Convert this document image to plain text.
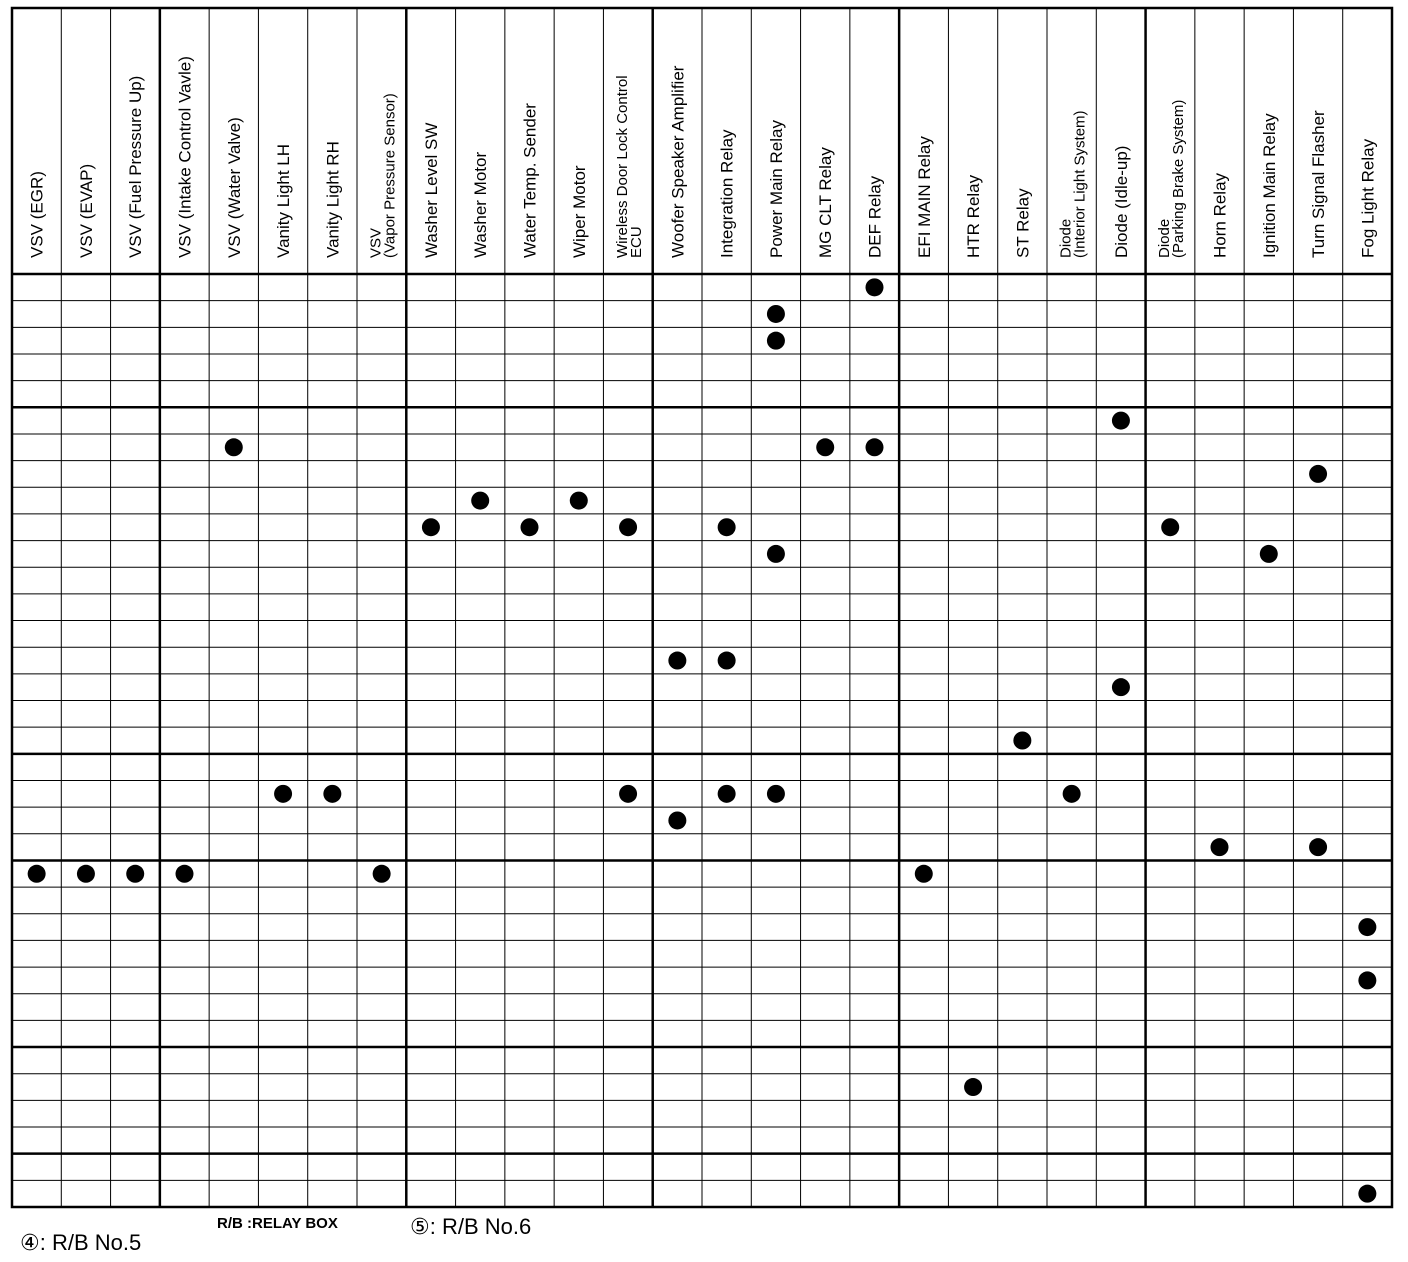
VSV (EGR) VSV (EVAP) VSV (Fuel Pressure Up) VSV (Intake Control Vavle) VSV (Water Valve) Vanity Light LH Vanity Light RH VSV(Vapor Pressure Sensor) Washer Level SW Washer Motor Water Temp. Sender Wiper Motor Wireless Door Lock ControlECU Woofer Speaker Amplifier Integration Relay Power Main Relay MG CLT Relay DEF Relay EFI MAIN Relay HTR Relay ST Relay Diode(Interior Light System) Diode (Idle-up) Diode(Parking Brake System) Horn Relay Ignition Main Relay Turn Signal Flasher Fog Light Relay
④: R/B No.5
R/B :RELAY BOX	⑤: R/B No.6
